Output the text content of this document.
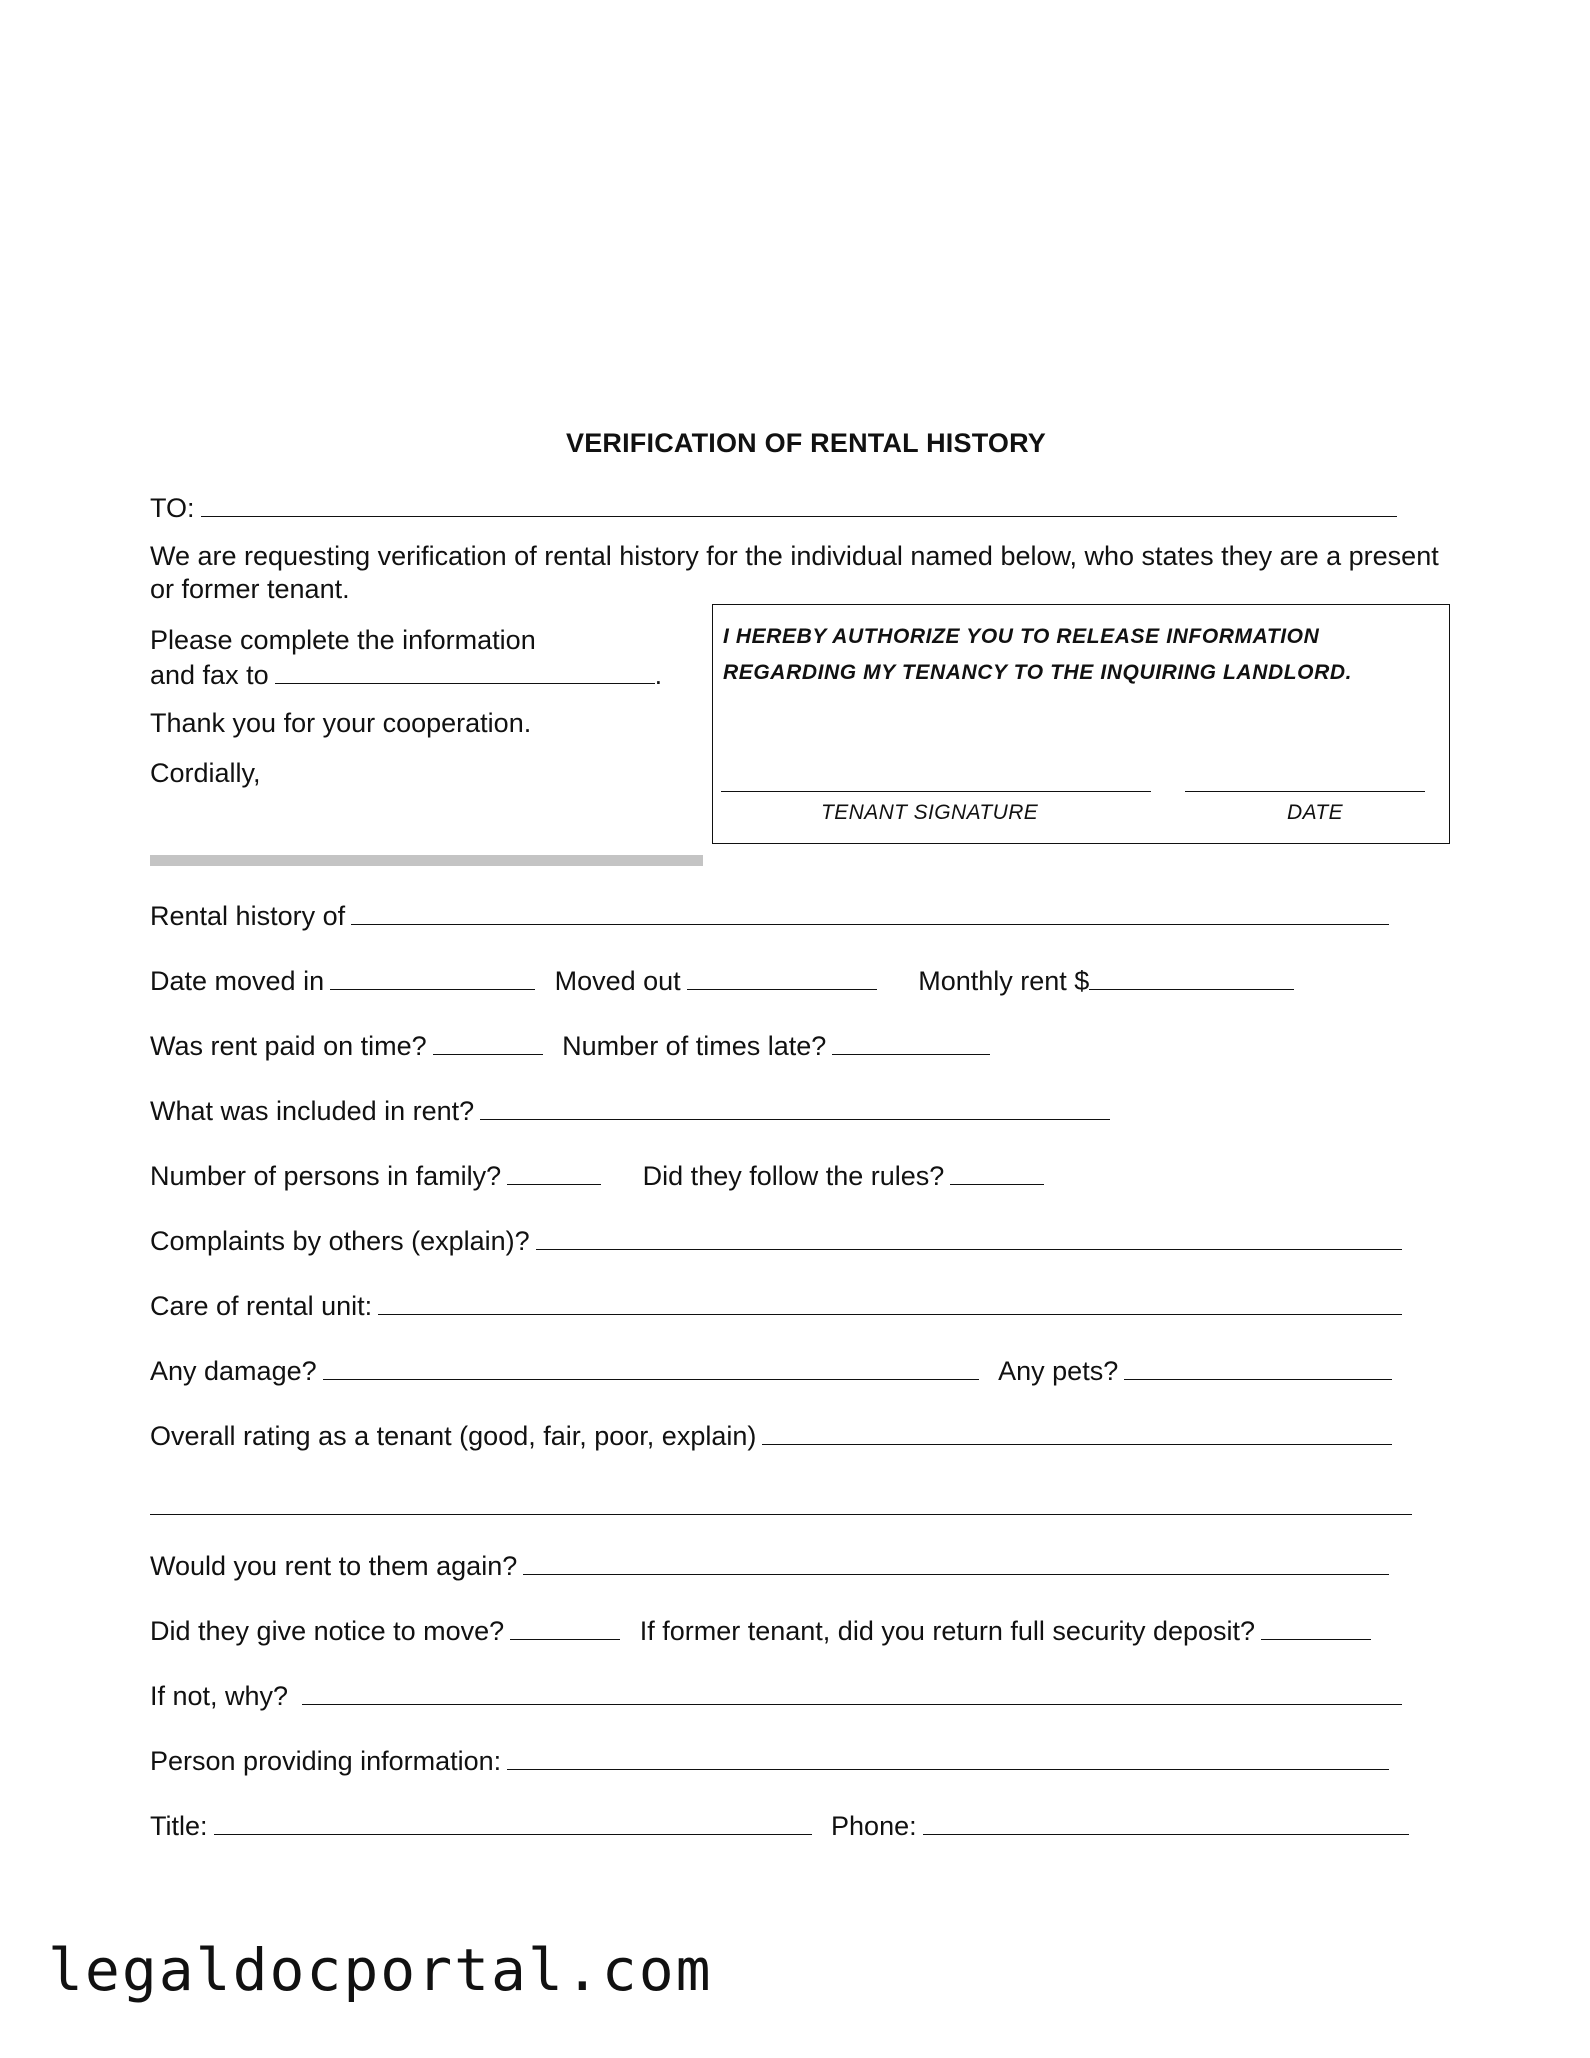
VERIFICATION OF RENTAL HISTORY
TO:
We are requesting verification of rental history for the individual named below, who states they are a present or former tenant.
Please complete the information
and fax to	.
Thank you for your cooperation.
Cordially,
I HEREBY AUTHORIZE YOU TO RELEASE INFORMATION
REGARDING MY TENANCY TO THE INQUIRING LANDLORD.
TENANT SIGNATURE	DATE
Rental history of
Date moved in	Moved out	Monthly rent $
Was rent paid on time?	Number of times late?
What was included in rent?
Number of persons in family?	Did they follow the rules?
Complaints by others (explain)?
Care of rental unit:
Any damage?	Any pets?
Overall rating as a tenant (good, fair, poor, explain)
Would you rent to them again?
Did they give notice to move?	If former tenant, did you return full security deposit?
If not, why?
Person providing information:
Title:	Phone:
legaldocportal.com
